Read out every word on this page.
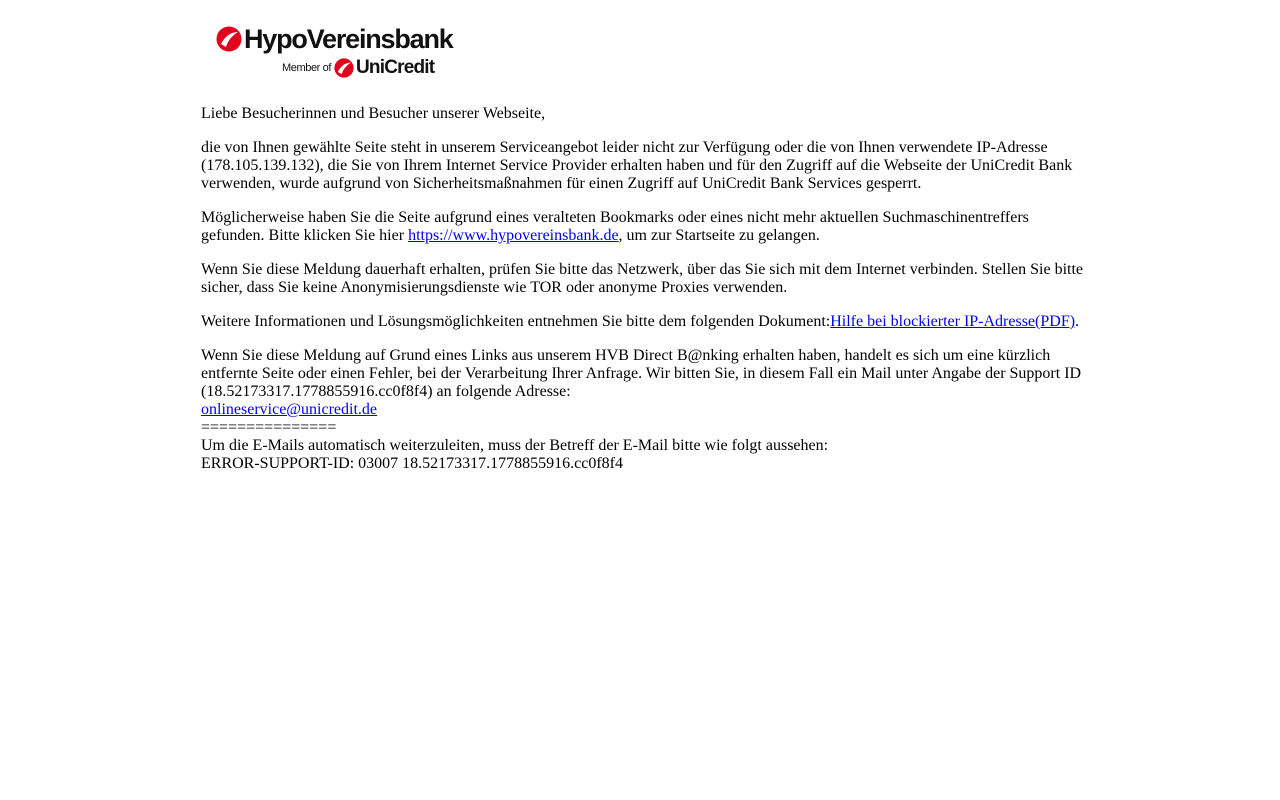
HypoVereinsbank
Member of UniCredit

Liebe Besucherinnen und Besucher unserer Webseite,

die von Ihnen gewählte Seite steht in unserem Serviceangebot leider nicht zur Verfügung oder die von Ihnen verwendete IP-Adresse (178.105.139.132), die Sie von Ihrem Internet Service Provider erhalten haben und für den Zugriff auf die Webseite der UniCredit Bank verwenden, wurde aufgrund von Sicherheitsmaßnahmen für einen Zugriff auf UniCredit Bank Services gesperrt.

Möglicherweise haben Sie die Seite aufgrund eines veralteten Bookmarks oder eines nicht mehr aktuellen Suchmaschinentreffers gefunden. Bitte klicken Sie hier https://www.hypovereinsbank.de, um zur Startseite zu gelangen.

Wenn Sie diese Meldung dauerhaft erhalten, prüfen Sie bitte das Netzwerk, über das Sie sich mit dem Internet verbinden. Stellen Sie bitte sicher, dass Sie keine Anonymisierungsdienste wie TOR oder anonyme Proxies verwenden.

Weitere Informationen und Lösungsmöglichkeiten entnehmen Sie bitte dem folgenden Dokument:Hilfe bei blockierter IP-Adresse(PDF).

Wenn Sie diese Meldung auf Grund eines Links aus unserem HVB Direct B@nking erhalten haben, handelt es sich um eine kürzlich entfernte Seite oder einen Fehler, bei der Verarbeitung Ihrer Anfrage. Wir bitten Sie, in diesem Fall ein Mail unter Angabe der Support ID (18.52173317.1778855916.cc0f8f4) an folgende Adresse:
onlineservice@unicredit.de
===============
Um die E-Mails automatisch weiterzuleiten, muss der Betreff der E-Mail bitte wie folgt aussehen:
ERROR-SUPPORT-ID: 03007 18.52173317.1778855916.cc0f8f4
